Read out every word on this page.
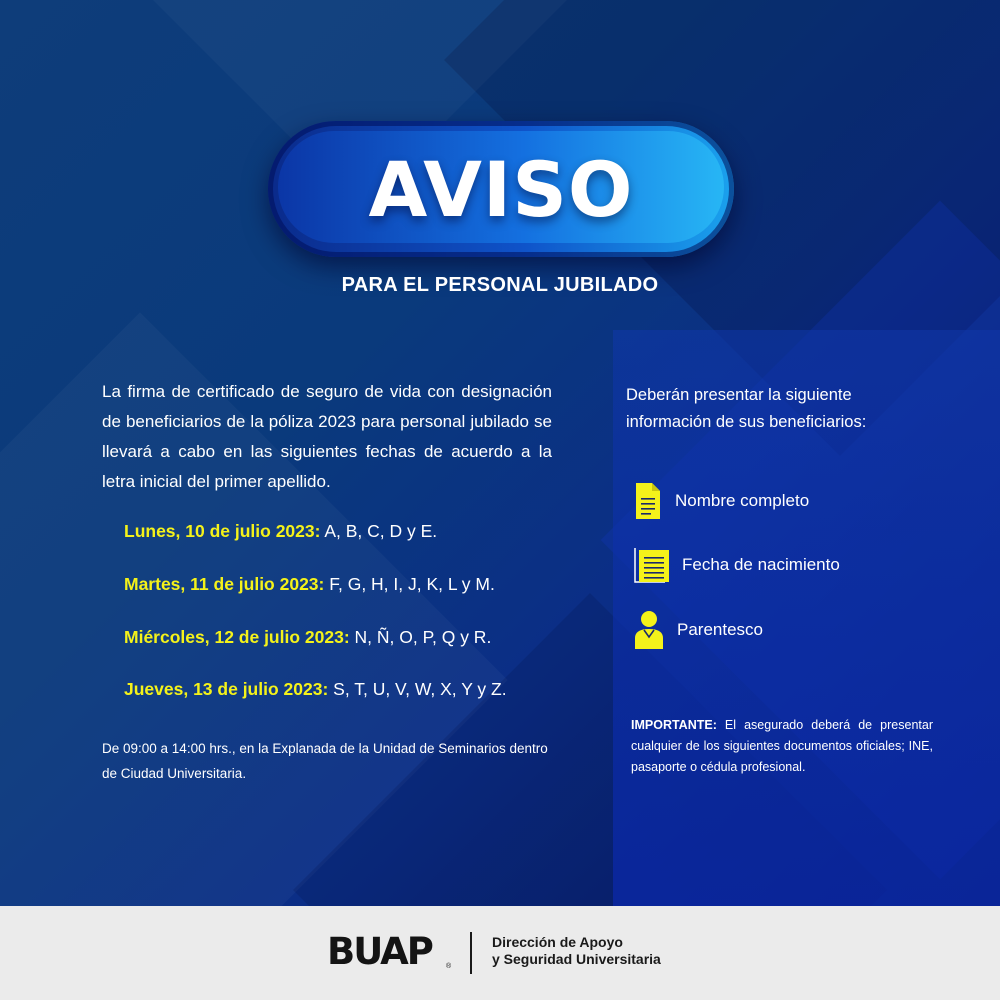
AVISO
PARA EL PERSONAL JUBILADO
La firma de certificado de seguro de vida con designación de beneficiarios de la póliza 2023 para personal jubilado se llevará a cabo en las siguientes fechas de acuerdo a la letra inicial del primer apellido.
Lunes, 10 de julio 2023: A, B, C, D y E.
Martes, 11 de julio 2023: F, G, H, I, J, K, L y M.
Miércoles, 12 de julio 2023: N, Ñ, O, P, Q y R.
Jueves, 13 de julio 2023: S, T, U, V, W, X, Y y Z.
De 09:00 a 14:00 hrs., en la Explanada de la Unidad de Seminarios dentro de Ciudad Universitaria.
Deberán presentar la siguiente información de sus beneficiarios:
Nombre completo
Fecha de nacimiento
Parentesco
IMPORTANTE: El asegurado deberá de presentar cualquier de los siguientes documentos oficiales; INE, pasaporte o cédula profesional.
BUAP ®
Dirección de Apoyo
y Seguridad Universitaria
